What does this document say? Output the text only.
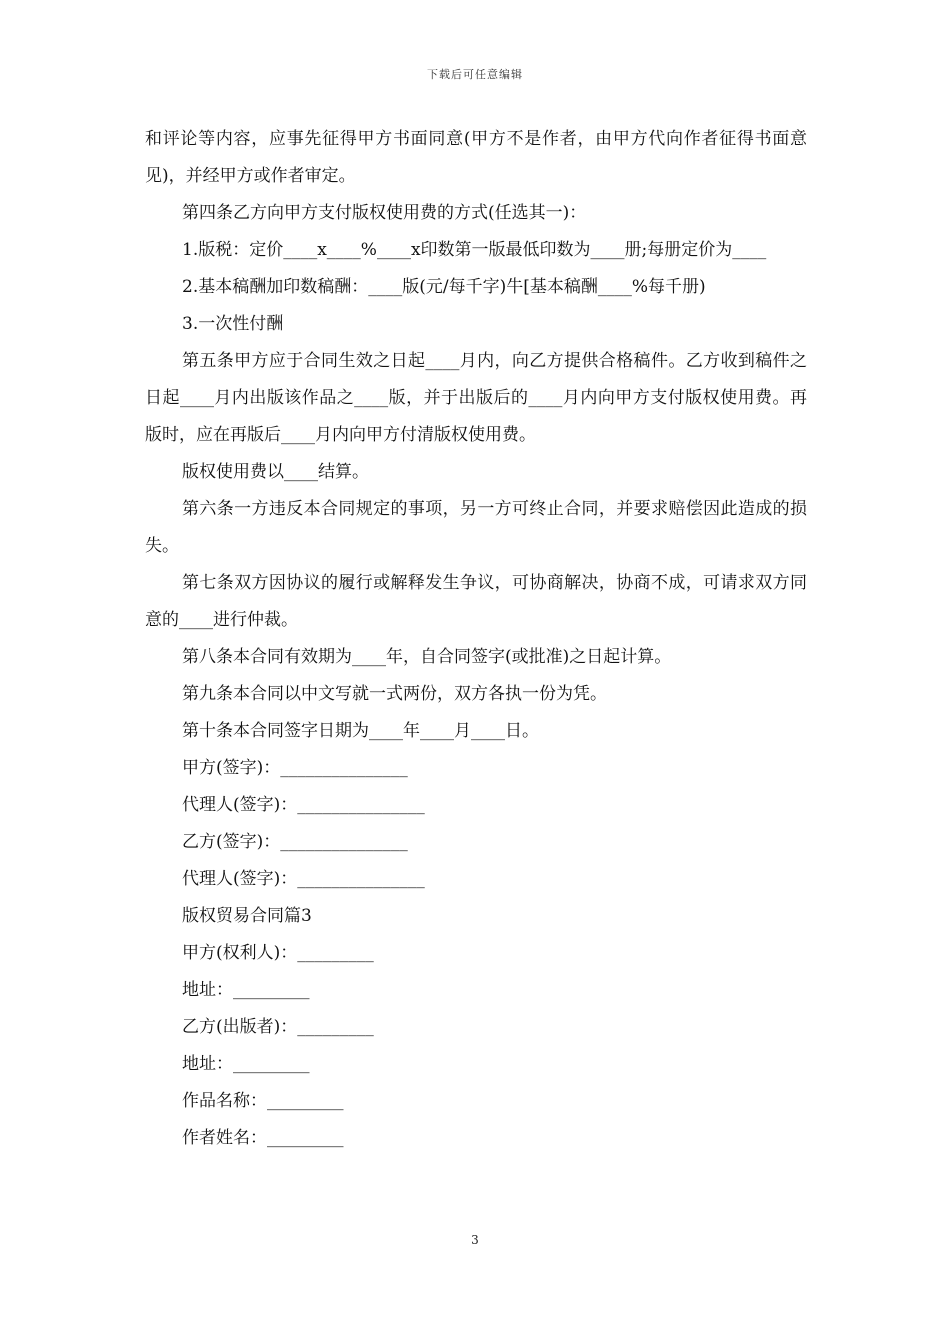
下载后可任意编辑

和评论等内容，应事先征得甲方书面同意(甲方不是作者，由甲方代向作者征得书面意见)，并经甲方或作者审定。

第四条乙方向甲方支付版权使用费的方式(任选其一)：

1.版税：定价____x____%____x印数第一版最低印数为____册;每册定价为____

2.基本稿酬加印数稿酬：____版(元/每千字)牛[基本稿酬____%每千册)

3.一次性付酬

第五条甲方应于合同生效之日起____月内，向乙方提供合格稿件。乙方收到稿件之日起____月内出版该作品之____版，并于出版后的____月内向甲方支付版权使用费。再版时，应在再版后____月内向甲方付清版权使用费。

版权使用费以____结算。

第六条一方违反本合同规定的事项，另一方可终止合同，并要求赔偿因此造成的损失。

第七条双方因协议的履行或解释发生争议，可协商解决，协商不成，可请求双方同意的____进行仲裁。

第八条本合同有效期为____年，自合同签字(或批准)之日起计算。

第九条本合同以中文写就一式两份，双方各执一份为凭。

第十条本合同签字日期为____年____月____日。

甲方(签字)：_______________

代理人(签字)：_______________

乙方(签字)：_______________

代理人(签字)：_______________

版权贸易合同篇3

甲方(权利人)：_________

地址：_________

乙方(出版者)：_________

地址：_________

作品名称：_________

作者姓名：_________

3
